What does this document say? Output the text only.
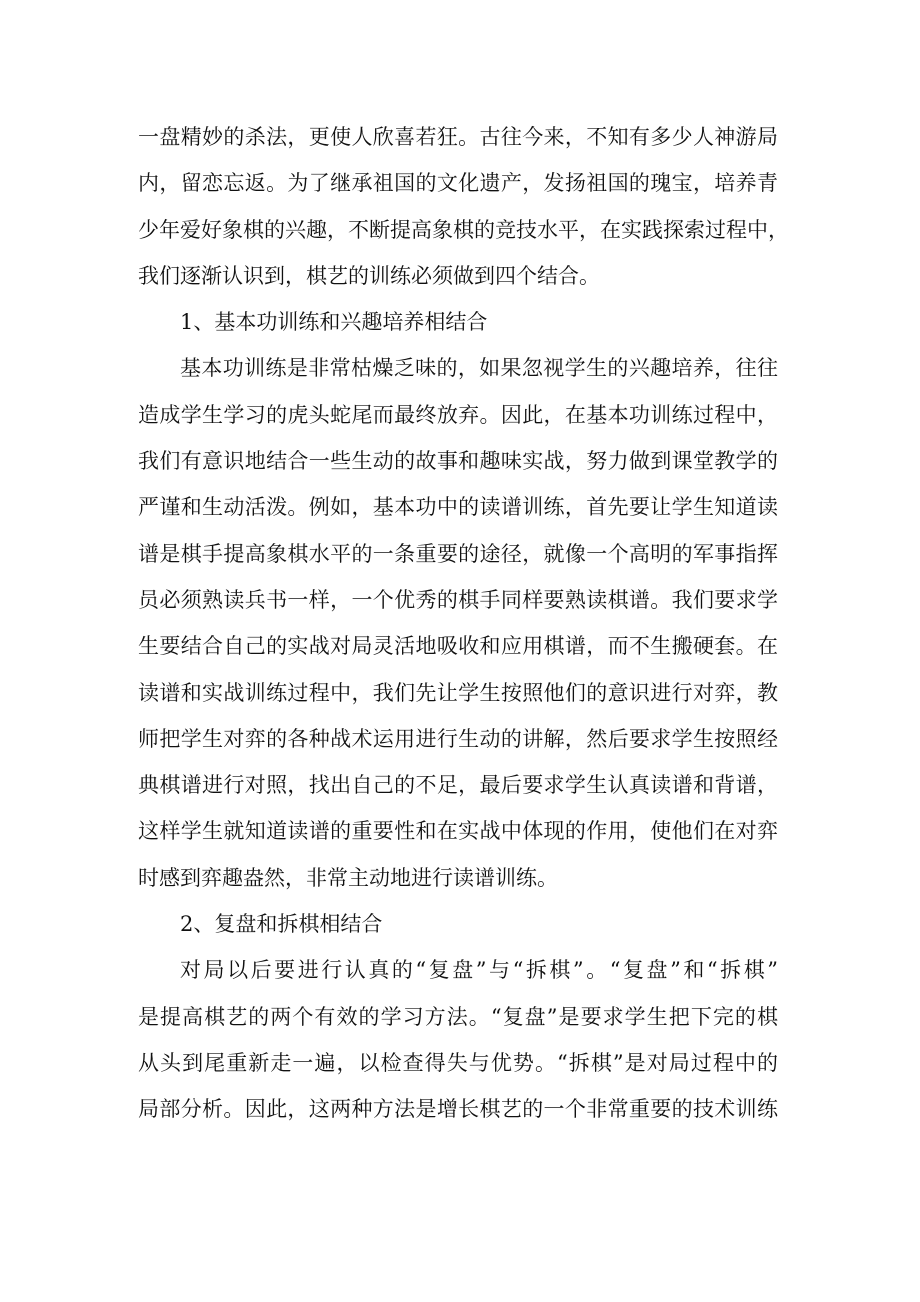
一盘精妙的杀法，更使人欣喜若狂。古往今来，不知有多少人神游局
内，留恋忘返。为了继承祖国的文化遗产，发扬祖国的瑰宝，培养青
少年爱好象棋的兴趣，不断提高象棋的竞技水平，在实践探索过程中，
我们逐渐认识到，棋艺的训练必须做到四个结合。
1、基本功训练和兴趣培养相结合
基本功训练是非常枯燥乏味的，如果忽视学生的兴趣培养，往往
造成学生学习的虎头蛇尾而最终放弃。因此，在基本功训练过程中，
我们有意识地结合一些生动的故事和趣味实战，努力做到课堂教学的
严谨和生动活泼。例如，基本功中的读谱训练，首先要让学生知道读
谱是棋手提高象棋水平的一条重要的途径，就像一个高明的军事指挥
员必须熟读兵书一样，一个优秀的棋手同样要熟读棋谱。我们要求学
生要结合自己的实战对局灵活地吸收和应用棋谱，而不生搬硬套。在
读谱和实战训练过程中，我们先让学生按照他们的意识进行对弈，教
师把学生对弈的各种战术运用进行生动的讲解，然后要求学生按照经
典棋谱进行对照，找出自己的不足，最后要求学生认真读谱和背谱，
这样学生就知道读谱的重要性和在实战中体现的作用，使他们在对弈
时感到弈趣盎然，非常主动地进行读谱训练。
2、复盘和拆棋相结合
对局以后要进行认真的“复盘”与“拆棋”。“复盘”和“拆棋”
是提高棋艺的两个有效的学习方法。“复盘”是要求学生把下完的棋
从头到尾重新走一遍，以检查得失与优势。“拆棋”是对局过程中的
局部分析。因此，这两种方法是增长棋艺的一个非常重要的技术训练
